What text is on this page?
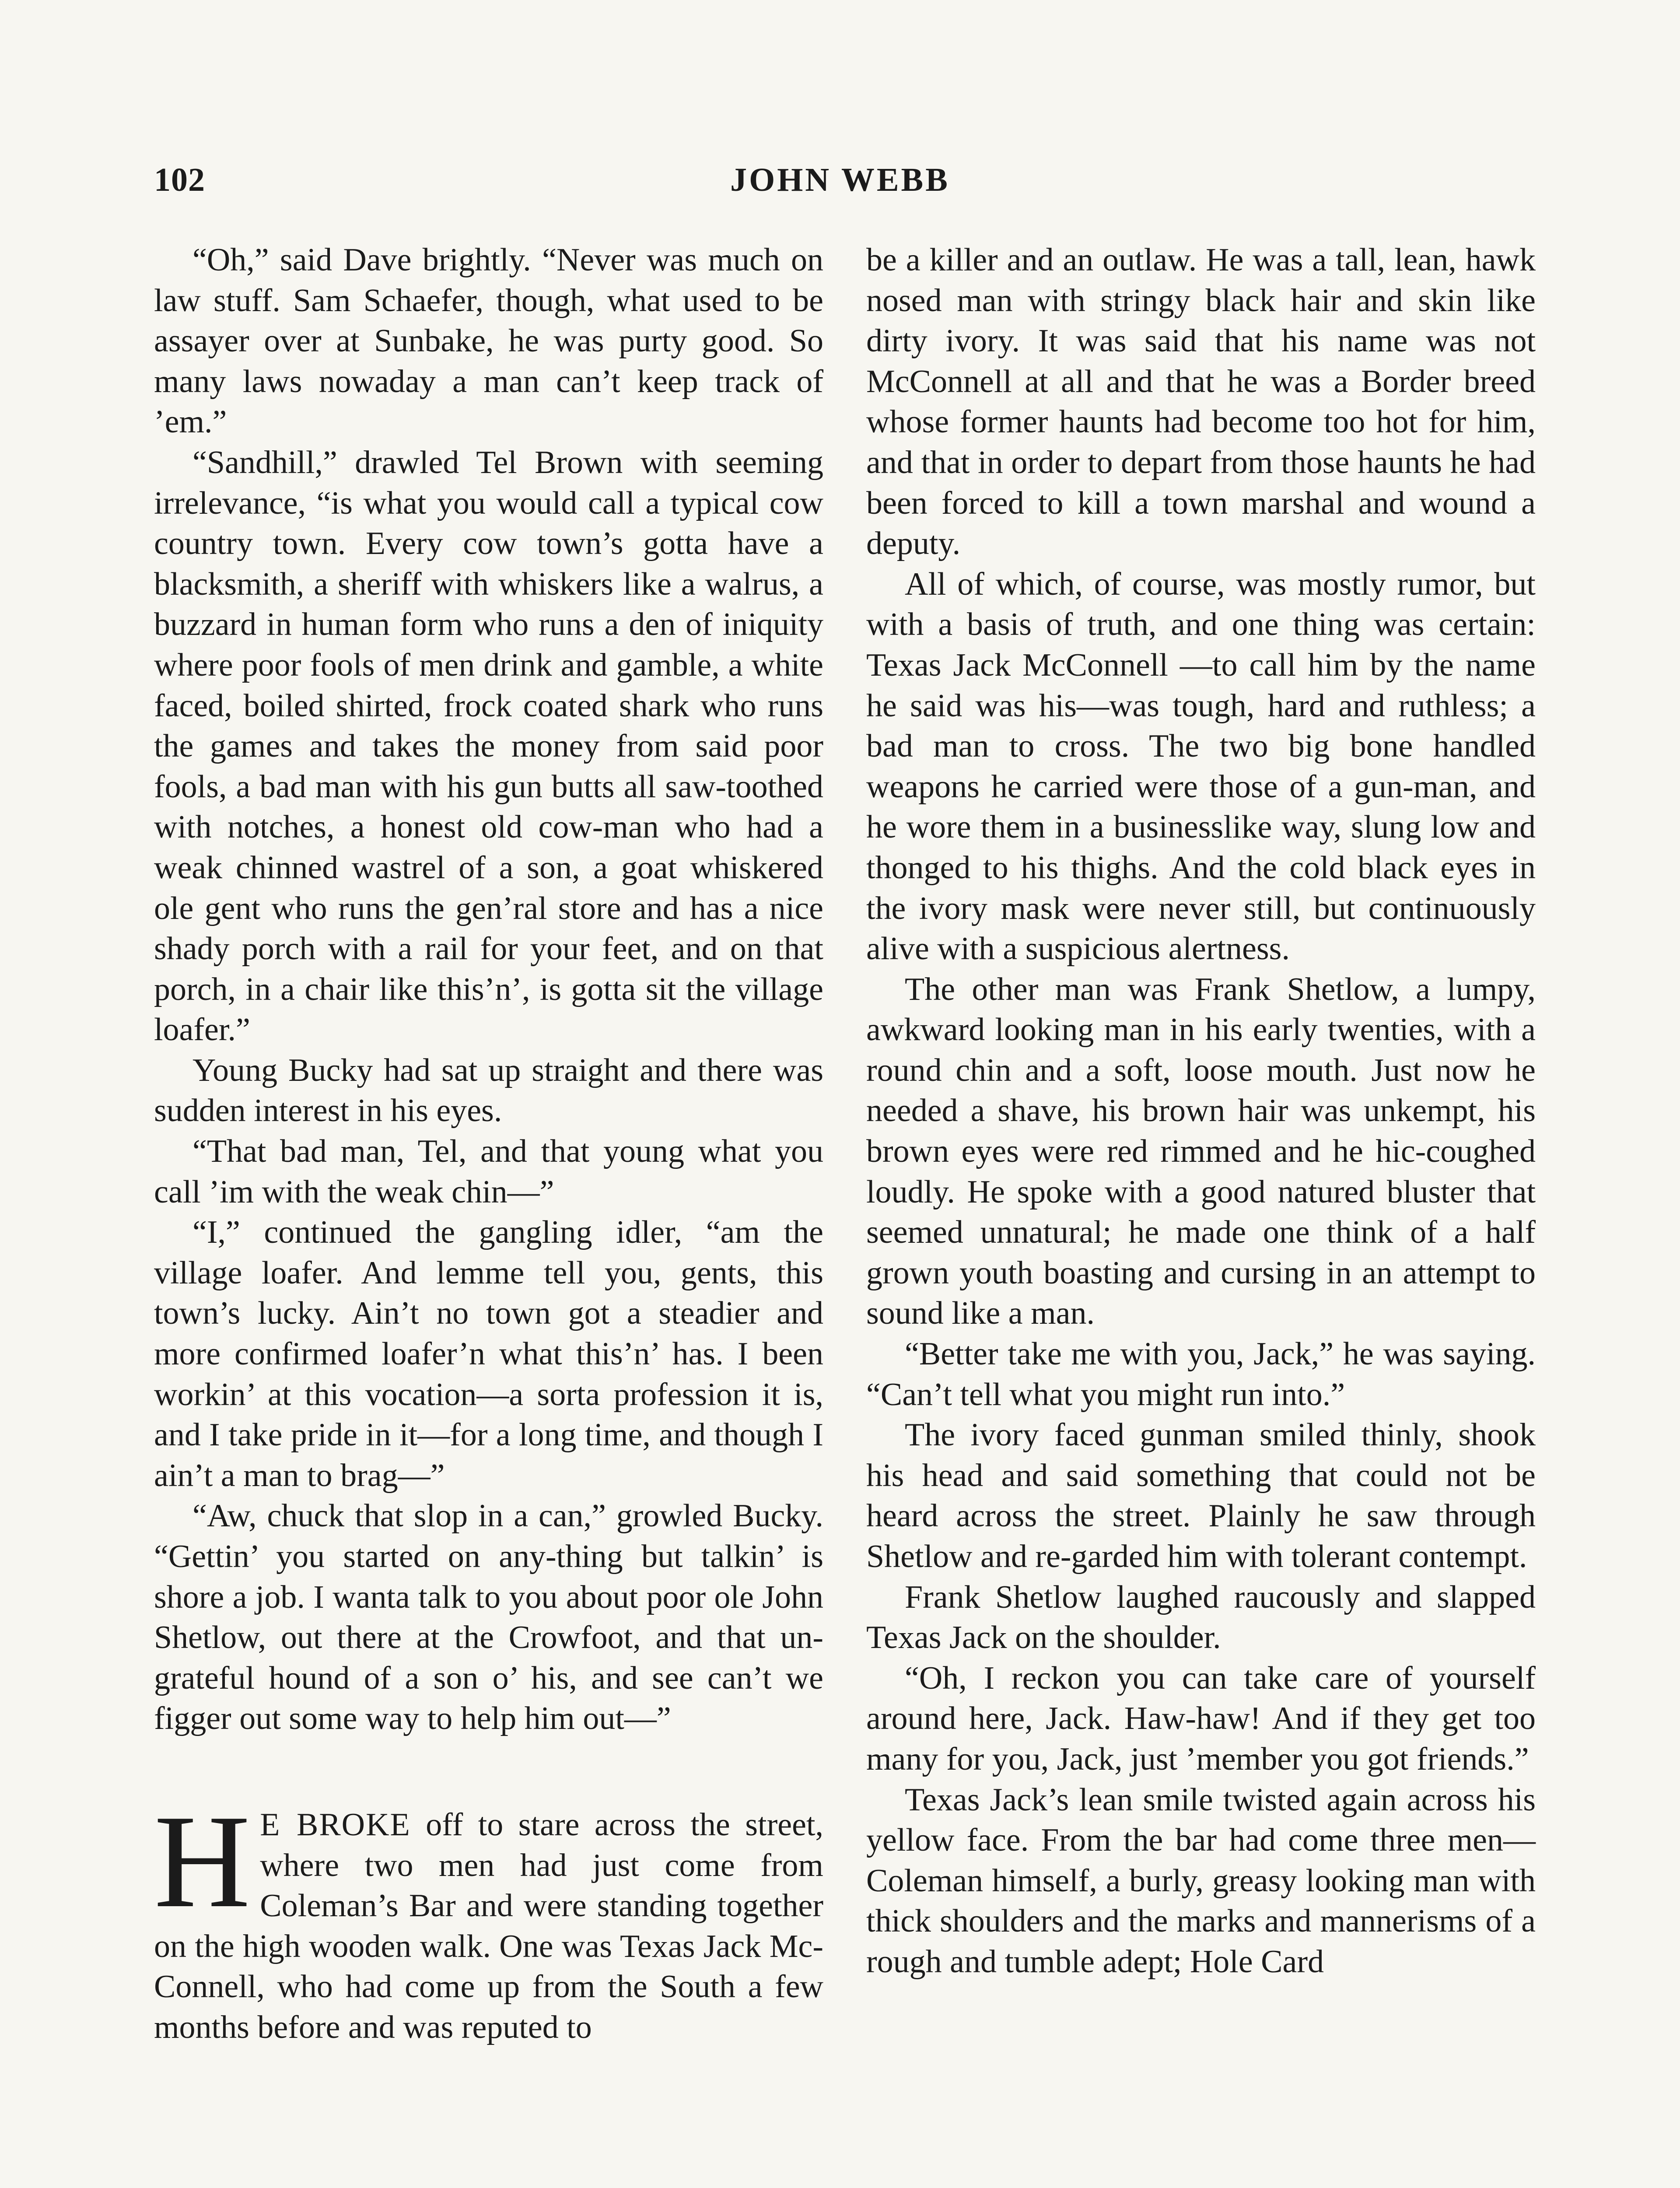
102	JOHN WEBB

“Oh,” said Dave brightly. “Never was much on law stuff. Sam Schaefer, though, what used to be assayer over at Sunbake, he was purty good. So many laws nowaday a man can’t keep track of ’em.”

“Sandhill,” drawled Tel Brown with seeming irrelevance, “is what you would call a typical cow country town. Every cow town’s gotta have a blacksmith, a sheriff with whiskers like a walrus, a buzzard in human form who runs a den of iniquity where poor fools of men drink and gamble, a white faced, boiled shirted, frock coated shark who runs the games and takes the money from said poor fools, a bad man with his gun butts all saw-toothed with notches, a honest old cow-man who had a weak chinned wastrel of a son, a goat whiskered ole gent who runs the gen’ral store and has a nice shady porch with a rail for your feet, and on that porch, in a chair like this’n’, is gotta sit the village loafer.”

Young Bucky had sat up straight and there was sudden interest in his eyes.

“That bad man, Tel, and that young what you call ’im with the weak chin—”

“I,” continued the gangling idler, “am the village loafer. And lemme tell you, gents, this town’s lucky. Ain’t no town got a steadier and more confirmed loafer’n what this’n’ has. I been workin’ at this vocation—a sorta profession it is, and I take pride in it—for a long time, and though I ain’t a man to brag—”

“Aw, chuck that slop in a can,” growled Bucky. “Gettin’ you started on any-thing but talkin’ is shore a job. I wanta talk to you about poor ole John Shetlow, out there at the Crowfoot, and that un-grateful hound of a son o’ his, and see can’t we figger out some way to help him out—”

H E BROKE off to stare across the street, where two men had just come from Coleman’s Bar and were standing together on the high wooden walk. One was Texas Jack Mc-Connell, who had come up from the South a few months before and was reputed to

be a killer and an outlaw. He was a tall, lean, hawk nosed man with stringy black hair and skin like dirty ivory. It was said that his name was not McConnell at all and that he was a Border breed whose former haunts had become too hot for him, and that in order to depart from those haunts he had been forced to kill a town marshal and wound a deputy.

All of which, of course, was mostly rumor, but with a basis of truth, and one thing was certain: Texas Jack McConnell —to call him by the name he said was his—was tough, hard and ruthless; a bad man to cross. The two big bone handled weapons he carried were those of a gun-man, and he wore them in a businesslike way, slung low and thonged to his thighs. And the cold black eyes in the ivory mask were never still, but continuously alive with a suspicious alertness.

The other man was Frank Shetlow, a lumpy, awkward looking man in his early twenties, with a round chin and a soft, loose mouth. Just now he needed a shave, his brown hair was unkempt, his brown eyes were red rimmed and he hic-coughed loudly. He spoke with a good natured bluster that seemed unnatural; he made one think of a half grown youth boasting and cursing in an attempt to sound like a man.

“Better take me with you, Jack,” he was saying. “Can’t tell what you might run into.”

The ivory faced gunman smiled thinly, shook his head and said something that could not be heard across the street. Plainly he saw through Shetlow and re-garded him with tolerant contempt.

Frank Shetlow laughed raucously and slapped Texas Jack on the shoulder.

“Oh, I reckon you can take care of yourself around here, Jack. Haw-haw! And if they get too many for you, Jack, just ’member you got friends.”

Texas Jack’s lean smile twisted again across his yellow face. From the bar had come three men—Coleman himself, a burly, greasy looking man with thick shoulders and the marks and mannerisms of a rough and tumble adept; Hole Card
